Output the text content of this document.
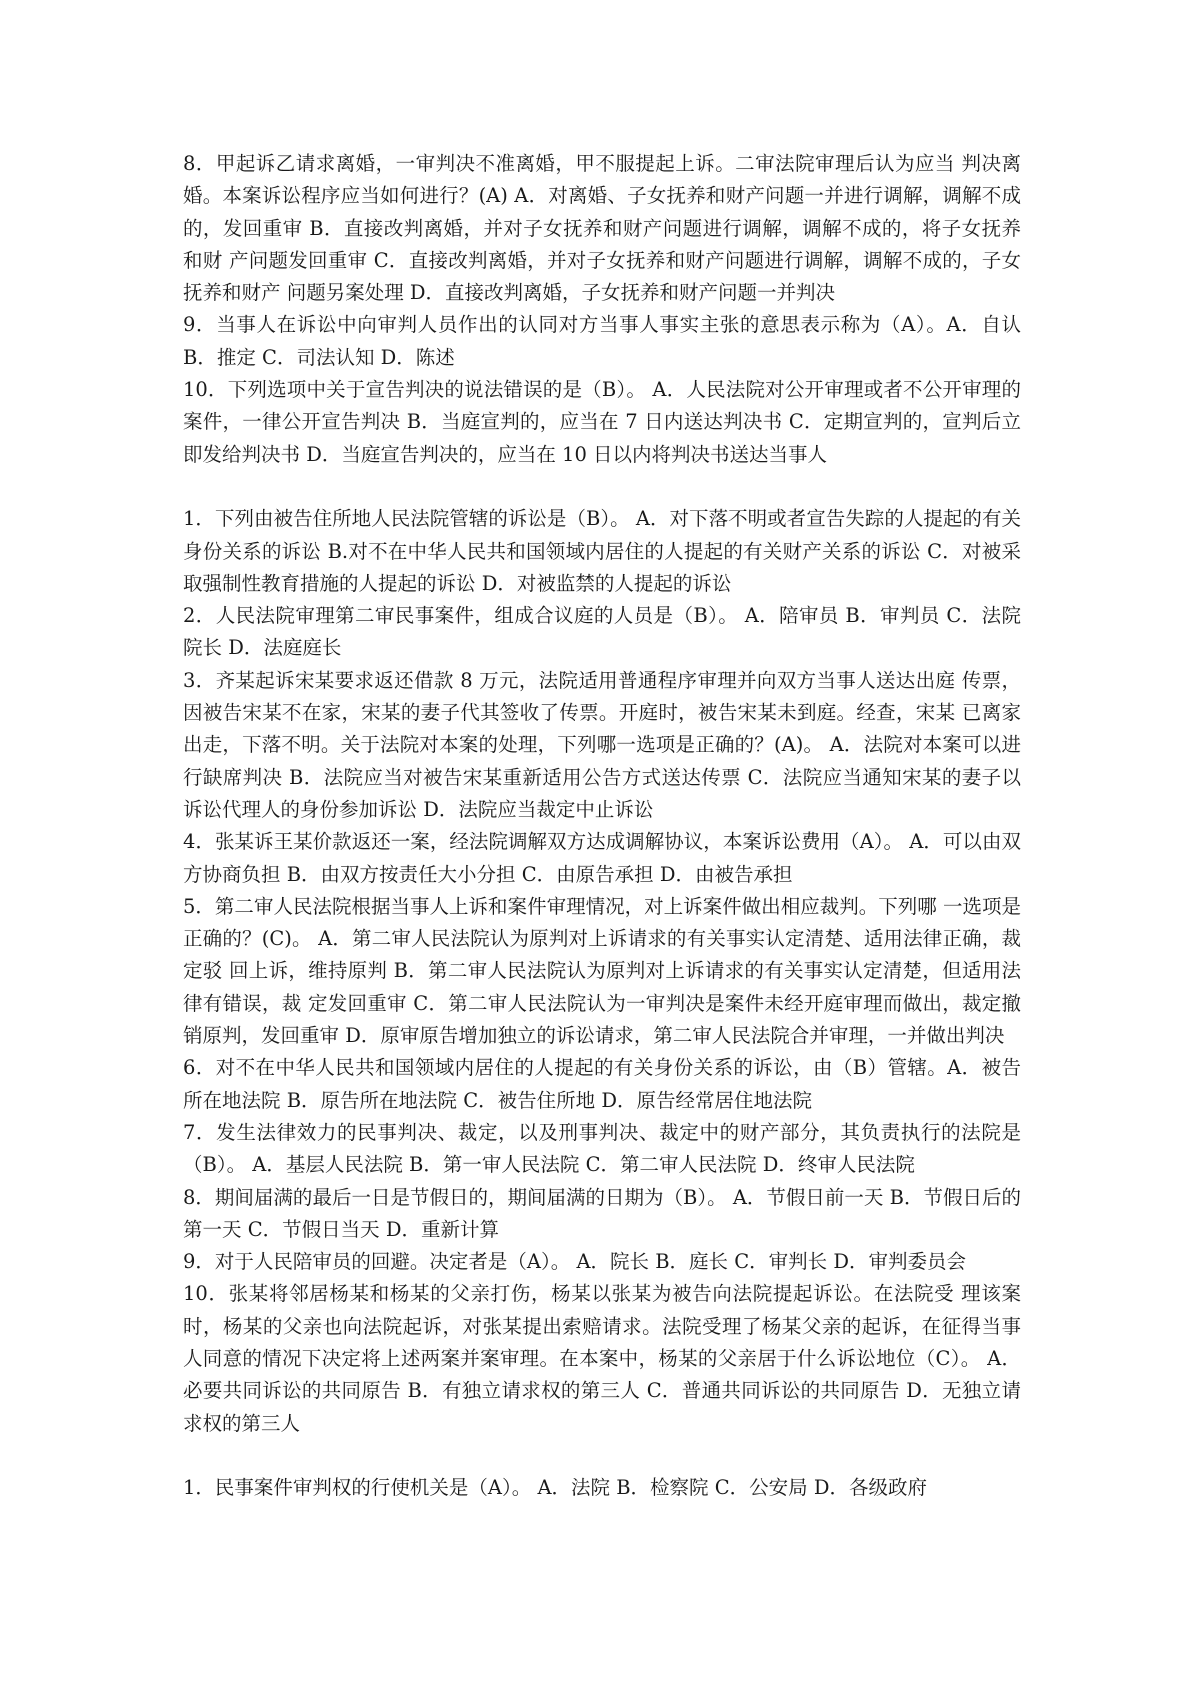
8．甲起诉乙请求离婚，一审判决不准离婚，甲不服提起上诉。二审法院审理后认为应当 判决离婚。本案诉讼程序应当如何进行？(A) A．对离婚、子女抚养和财产问题一并进行调解，调解不成的，发回重审 B．直接改判离婚，并对子女抚养和财产问题进行调解，调解不成的，将子女抚养和财 产问题发回重审 C．直接改判离婚，并对子女抚养和财产问题进行调解，调解不成的，子女抚养和财产 问题另案处理 D．直接改判离婚，子女抚养和财产问题一并判决

9．当事人在诉讼中向审判人员作出的认同对方当事人事实主张的意思表示称为（A）。A．自认 B．推定 C．司法认知 D．陈述

10．下列选项中关于宣告判决的说法错误的是（B）。 A．人民法院对公开审理或者不公开审理的案件，一律公开宣告判决 B．当庭宣判的，应当在 7 日内送达判决书 C．定期宣判的，宣判后立即发给判决书 D．当庭宣告判决的，应当在 10 日以内将判决书送达当事人

1．下列由被告住所地人民法院管辖的诉讼是（B）。 A．对下落不明或者宣告失踪的人提起的有关身份关系的诉讼 B.对不在中华人民共和国领域内居住的人提起的有关财产关系的诉讼 C．对被采取强制性教育措施的人提起的诉讼 D．对被监禁的人提起的诉讼

2．人民法院审理第二审民事案件，组成合议庭的人员是（B）。 A．陪审员 B．审判员 C．法院院长 D．法庭庭长

3．齐某起诉宋某要求返还借款 8 万元，法院适用普通程序审理并向双方当事人送达出庭 传票，因被告宋某不在家，宋某的妻子代其签收了传票。开庭时，被告宋某未到庭。经查，宋某 已离家出走，下落不明。关于法院对本案的处理，下列哪一选项是正确的？(A)。 A．法院对本案可以进行缺席判决 B．法院应当对被告宋某重新适用公告方式送达传票 C．法院应当通知宋某的妻子以诉讼代理人的身份参加诉讼 D．法院应当裁定中止诉讼

4．张某诉王某价款返还一案，经法院调解双方达成调解协议，本案诉讼费用（A）。 A．可以由双方协商负担 B．由双方按责任大小分担 C．由原告承担 D．由被告承担

5．第二审人民法院根据当事人上诉和案件审理情况，对上诉案件做出相应裁判。下列哪 一选项是正确的？(C)。 A．第二审人民法院认为原判对上诉请求的有关事实认定清楚、适用法律正确，裁定驳 回上诉，维持原判 B．第二审人民法院认为原判对上诉请求的有关事实认定清楚，但适用法律有错误，裁 定发回重审 C．第二审人民法院认为一审判决是案件未经开庭审理而做出，裁定撤销原判，发回重审 D．原审原告增加独立的诉讼请求，第二审人民法院合并审理，一并做出判决

6．对不在中华人民共和国领域内居住的人提起的有关身份关系的诉讼，由（B）管辖。A．被告所在地法院 B．原告所在地法院 C．被告住所地 D．原告经常居住地法院

7．发生法律效力的民事判决、裁定，以及刑事判决、裁定中的财产部分，其负责执行的法院是（B）。 A．基层人民法院 B．第一审人民法院 C．第二审人民法院 D．终审人民法院

8．期间届满的最后一日是节假日的，期间届满的日期为（B）。 A．节假日前一天 B．节假日后的第一天 C．节假日当天 D．重新计算

9．对于人民陪审员的回避。决定者是（A）。 A．院长 B．庭长 C．审判长 D．审判委员会

10．张某将邻居杨某和杨某的父亲打伤，杨某以张某为被告向法院提起诉讼。在法院受 理该案时，杨某的父亲也向法院起诉，对张某提出索赔请求。法院受理了杨某父亲的起诉，在征得当事人同意的情况下决定将上述两案并案审理。在本案中，杨某的父亲居于什么诉讼地位（C）。 A．必要共同诉讼的共同原告 B．有独立请求权的第三人 C．普通共同诉讼的共同原告 D．无独立请求权的第三人

1．民事案件审判权的行使机关是（A）。 A．法院 B．检察院 C．公安局 D．各级政府
